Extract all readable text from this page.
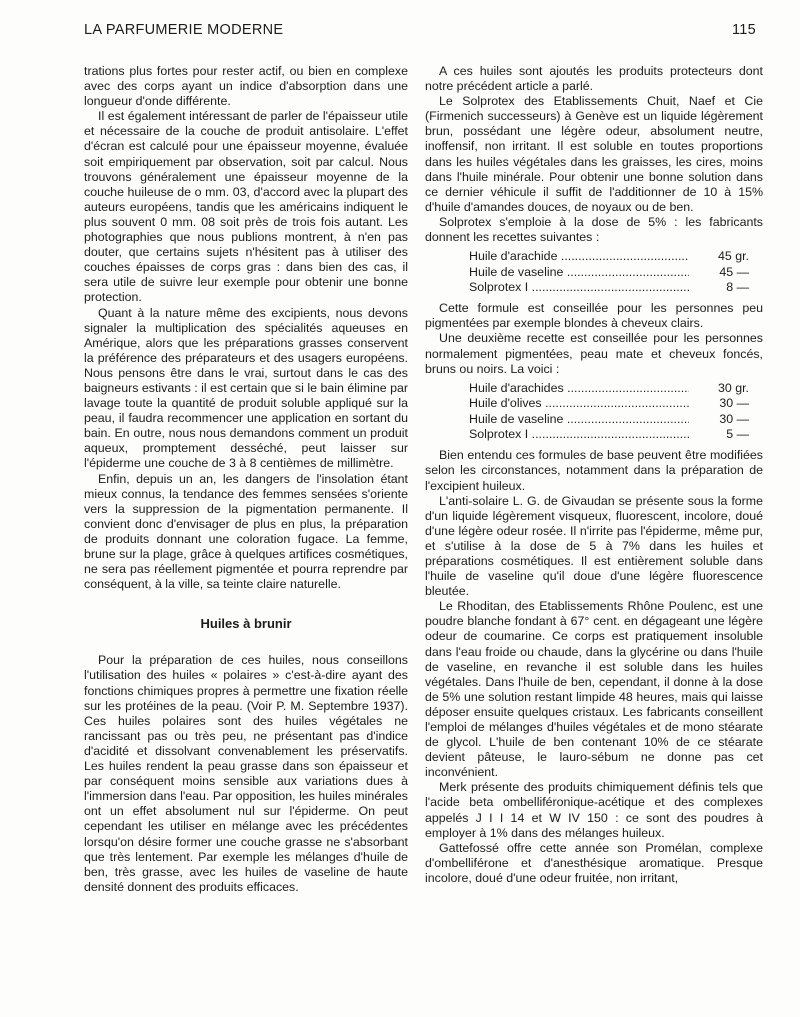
LA PARFUMERIE MODERNE	115

trations plus fortes pour rester actif, ou bien en complexe avec des corps ayant un indice d'absorption dans une longueur d'onde différente.

Il est également intéressant de parler de l'épaisseur utile et nécessaire de la couche de produit antisolaire. L'effet d'écran est calculé pour une épaisseur moyenne, évaluée soit empiriquement par observation, soit par calcul. Nous trouvons généralement une épaisseur moyenne de la couche huileuse de o mm. 03, d'accord avec la plupart des auteurs européens, tandis que les américains indiquent le plus souvent 0 mm. 08 soit près de trois fois autant. Les photographies que nous publions montrent, à n'en pas douter, que certains sujets n'hésitent pas à utiliser des couches épaisses de corps gras : dans bien des cas, il sera utile de suivre leur exemple pour obtenir une bonne protection.

Quant à la nature même des excipients, nous devons signaler la multiplication des spécialités aqueuses en Amérique, alors que les préparations grasses conservent la préférence des préparateurs et des usagers européens. Nous pensons être dans le vrai, surtout dans le cas des baigneurs estivants : il est certain que si le bain élimine par lavage toute la quantité de produit soluble appliqué sur la peau, il faudra recommencer une application en sortant du bain. En outre, nous nous demandons comment un produit aqueux, promptement desséché, peut laisser sur l'épiderme une couche de 3 à 8 centièmes de millimètre.

Enfin, depuis un an, les dangers de l'insolation étant mieux connus, la tendance des femmes sensées s'oriente vers la suppression de la pigmentation permanente. Il convient donc d'envisager de plus en plus, la préparation de produits donnant une coloration fugace. La femme, brune sur la plage, grâce à quelques artifices cosmétiques, ne sera pas réellement pigmentée et pourra reprendre par conséquent, à la ville, sa teinte claire naturelle.

Huiles à brunir

Pour la préparation de ces huiles, nous conseillons l'utilisation des huiles « polaires » c'est-à-dire ayant des fonctions chimiques propres à permettre une fixation réelle sur les protéines de la peau. (Voir P. M. Septembre 1937). Ces huiles polaires sont des huiles végétales ne rancissant pas ou très peu, ne présentant pas d'indice d'acidité et dissolvant convenablement les préservatifs. Les huiles rendent la peau grasse dans son épaisseur et par conséquent moins sensible aux variations dues à l'immersion dans l'eau. Par opposition, les huiles minérales ont un effet absolument nul sur l'épiderme. On peut cependant les utiliser en mélange avec les précédentes lorsqu'on désire former une couche grasse ne s'absorbant que très lentement. Par exemple les mélanges d'huile de ben, très grasse, avec les huiles de vaseline de haute densité donnent des produits efficaces.

A ces huiles sont ajoutés les produits protecteurs dont notre précédent article a parlé.

Le Solprotex des Etablissements Chuit, Naef et Cie (Firmenich successeurs) à Genève est un liquide légèrement brun, possédant une légère odeur, absolument neutre, inoffensif, non irritant. Il est soluble en toutes proportions dans les huiles végétales dans les graisses, les cires, moins dans l'huile minérale. Pour obtenir une bonne solution dans ce dernier véhicule il suffit de l'additionner de 10 à 15% d'huile d'amandes douces, de noyaux ou de ben.

Solprotex s'emploie à la dose de 5% : les fabricants donnent les recettes suivantes :

Huile d'arachide .....	45 gr.
Huile de vaseline .....	45 —
Solprotex I .....	8 —

Cette formule est conseillée pour les personnes peu pigmentées par exemple blondes à cheveux clairs.

Une deuxième recette est conseillée pour les personnes normalement pigmentées, peau mate et cheveux foncés, bruns ou noirs. La voici :

Huile d'arachides .....	30 gr.
Huile d'olives .....	30 —
Huile de vaseline .....	30 —
Solprotex I .....	5 —

Bien entendu ces formules de base peuvent être modifiées selon les circonstances, notamment dans la préparation de l'excipient huileux.

L'anti-solaire L. G. de Givaudan se présente sous la forme d'un liquide légèrement visqueux, fluorescent, incolore, doué d'une légère odeur rosée. Il n'irrite pas l'épiderme, même pur, et s'utilise à la dose de 5 à 7% dans les huiles et préparations cosmétiques. Il est entièrement soluble dans l'huile de vaseline qu'il doue d'une légère fluorescence bleutée.

Le Rhoditan, des Etablissements Rhône Poulenc, est une poudre blanche fondant à 67° cent. en dégageant une légère odeur de coumarine. Ce corps est pratiquement insoluble dans l'eau froide ou chaude, dans la glycérine ou dans l'huile de vaseline, en revanche il est soluble dans les huiles végétales. Dans l'huile de ben, cependant, il donne à la dose de 5% une solution restant limpide 48 heures, mais qui laisse déposer ensuite quelques cristaux. Les fabricants conseillent l'emploi de mélanges d'huiles végétales et de mono stéarate de glycol. L'huile de ben contenant 10% de ce stéarate devient pâteuse, le lauro-sébum ne donne pas cet inconvénient.

Merk présente des produits chimiquement définis tels que l'acide beta ombelliféronique-acétique et des complexes appelés J I I 14 et W IV 150 : ce sont des poudres à employer à 1% dans des mélanges huileux.

Gattefossé offre cette année son Promélan, complexe d'ombelliférone et d'anesthésique aromatique. Presque incolore, doué d'une odeur fruitée, non irritant,
